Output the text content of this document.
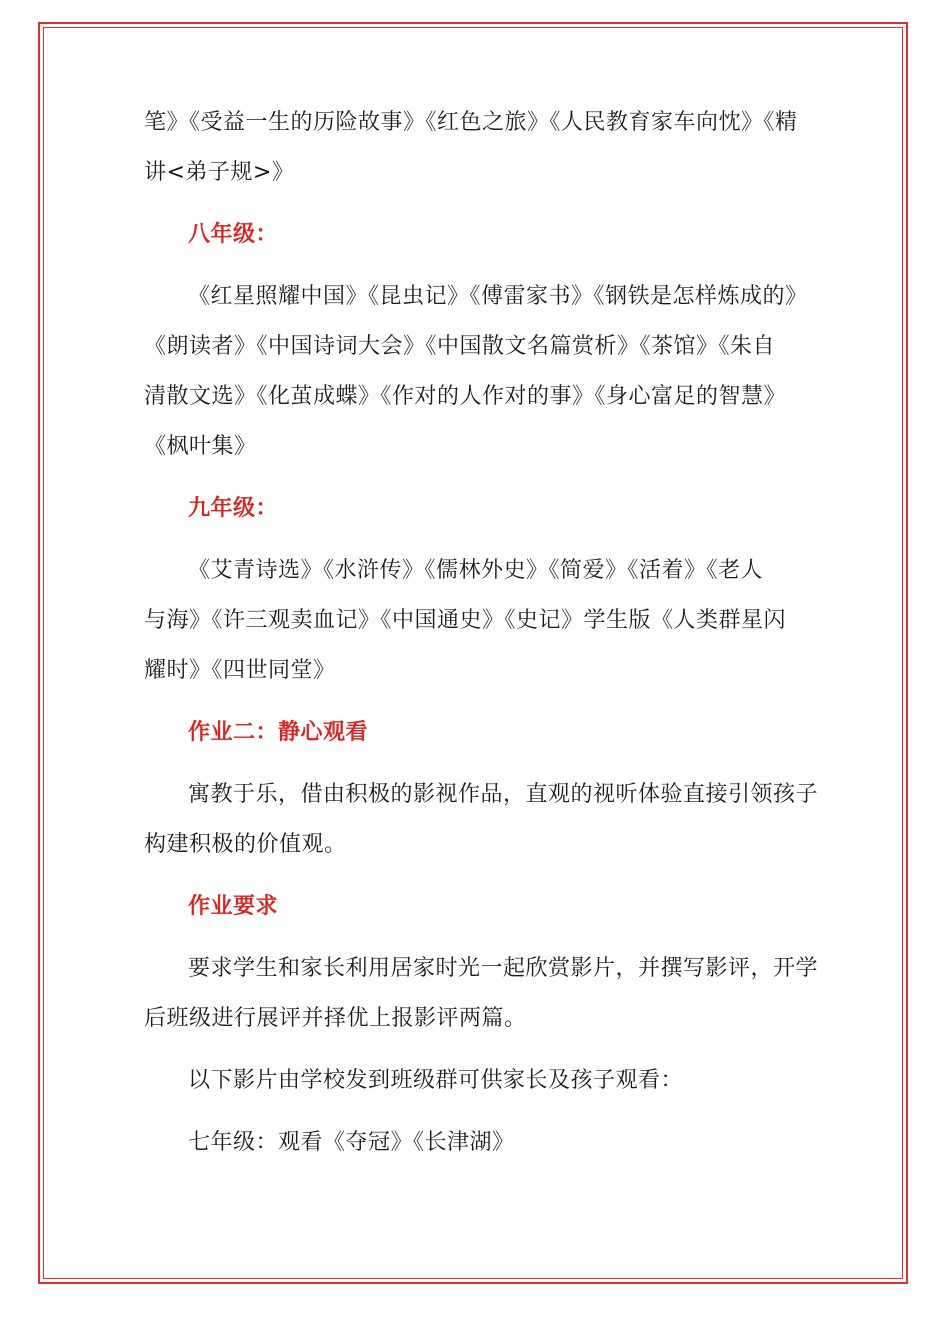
笔》《受益一生的历险故事》《红色之旅》《人民教育家车向忱》《精
讲<弟子规>》
八年级：
《红星照耀中国》《昆虫记》《傅雷家书》《钢铁是怎样炼成的》
《朗读者》《中国诗词大会》《中国散文名篇赏析》《茶馆》《朱自
清散文选》《化茧成蝶》《作对的人作对的事》《身心富足的智慧》
《枫叶集》
九年级：
《艾青诗选》《水浒传》《儒林外史》《简爱》《活着》《老人
与海》《许三观卖血记》《中国通史》《史记》学生版《人类群星闪
耀时》《四世同堂》
作业二：静心观看
寓教于乐，借由积极的影视作品，直观的视听体验直接引领孩子
构建积极的价值观。
作业要求
要求学生和家长利用居家时光一起欣赏影片，并撰写影评，开学
后班级进行展评并择优上报影评两篇。
以下影片由学校发到班级群可供家长及孩子观看：
七年级：观看《夺冠》《长津湖》
